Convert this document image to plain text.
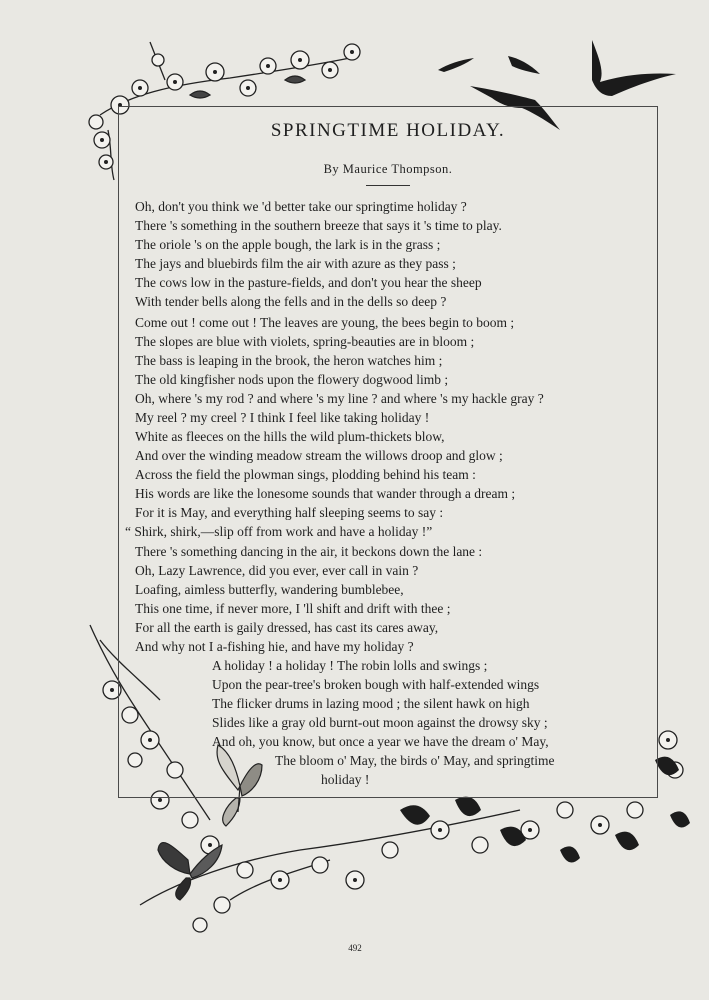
SPRINGTIME HOLIDAY.
By Maurice Thompson.
Oh, don't you think we 'd better take our springtime holiday ?
There 's something in the southern breeze that says it 's time to play.
The oriole 's on the apple bough, the lark is in the grass ;
The jays and bluebirds film the air with azure as they pass ;
The cows low in the pasture-fields, and don't you hear the sheep
With tender bells along the fells and in the dells so deep ?
Come out ! come out ! The leaves are young, the bees begin to boom ;
The slopes are blue with violets, spring-beauties are in bloom ;
The bass is leaping in the brook, the heron watches him ;
The old kingfisher nods upon the flowery dogwood limb ;
Oh, where 's my rod ? and where 's my line ? and where 's my hackle gray ?
My reel ? my creel ? I think I feel like taking holiday !
White as fleeces on the hills the wild plum-thickets blow,
And over the winding meadow stream the willows droop and glow ;
Across the field the plowman sings, plodding behind his team :
His words are like the lonesome sounds that wander through a dream ;
For it is May, and everything half sleeping seems to say :
“ Shirk, shirk,—slip off from work and have a holiday !”
There 's something dancing in the air, it beckons down the lane :
Oh, Lazy Lawrence, did you ever, ever call in vain ?
Loafing, aimless butterfly, wandering bumblebee,
This one time, if never more, I 'll shift and drift with thee ;
For all the earth is gaily dressed, has cast its cares away,
And why not I a-fishing hie, and have my holiday ?
A holiday ! a holiday ! The robin lolls and swings ;
Upon the pear-tree's broken bough with half-extended wings
The flicker drums in lazing mood ; the silent hawk on high
Slides like a gray old burnt-out moon against the drowsy sky ;
And oh, you know, but once a year we have the dream o' May,
The bloom o' May, the birds o' May, and springtime
holiday !
492
